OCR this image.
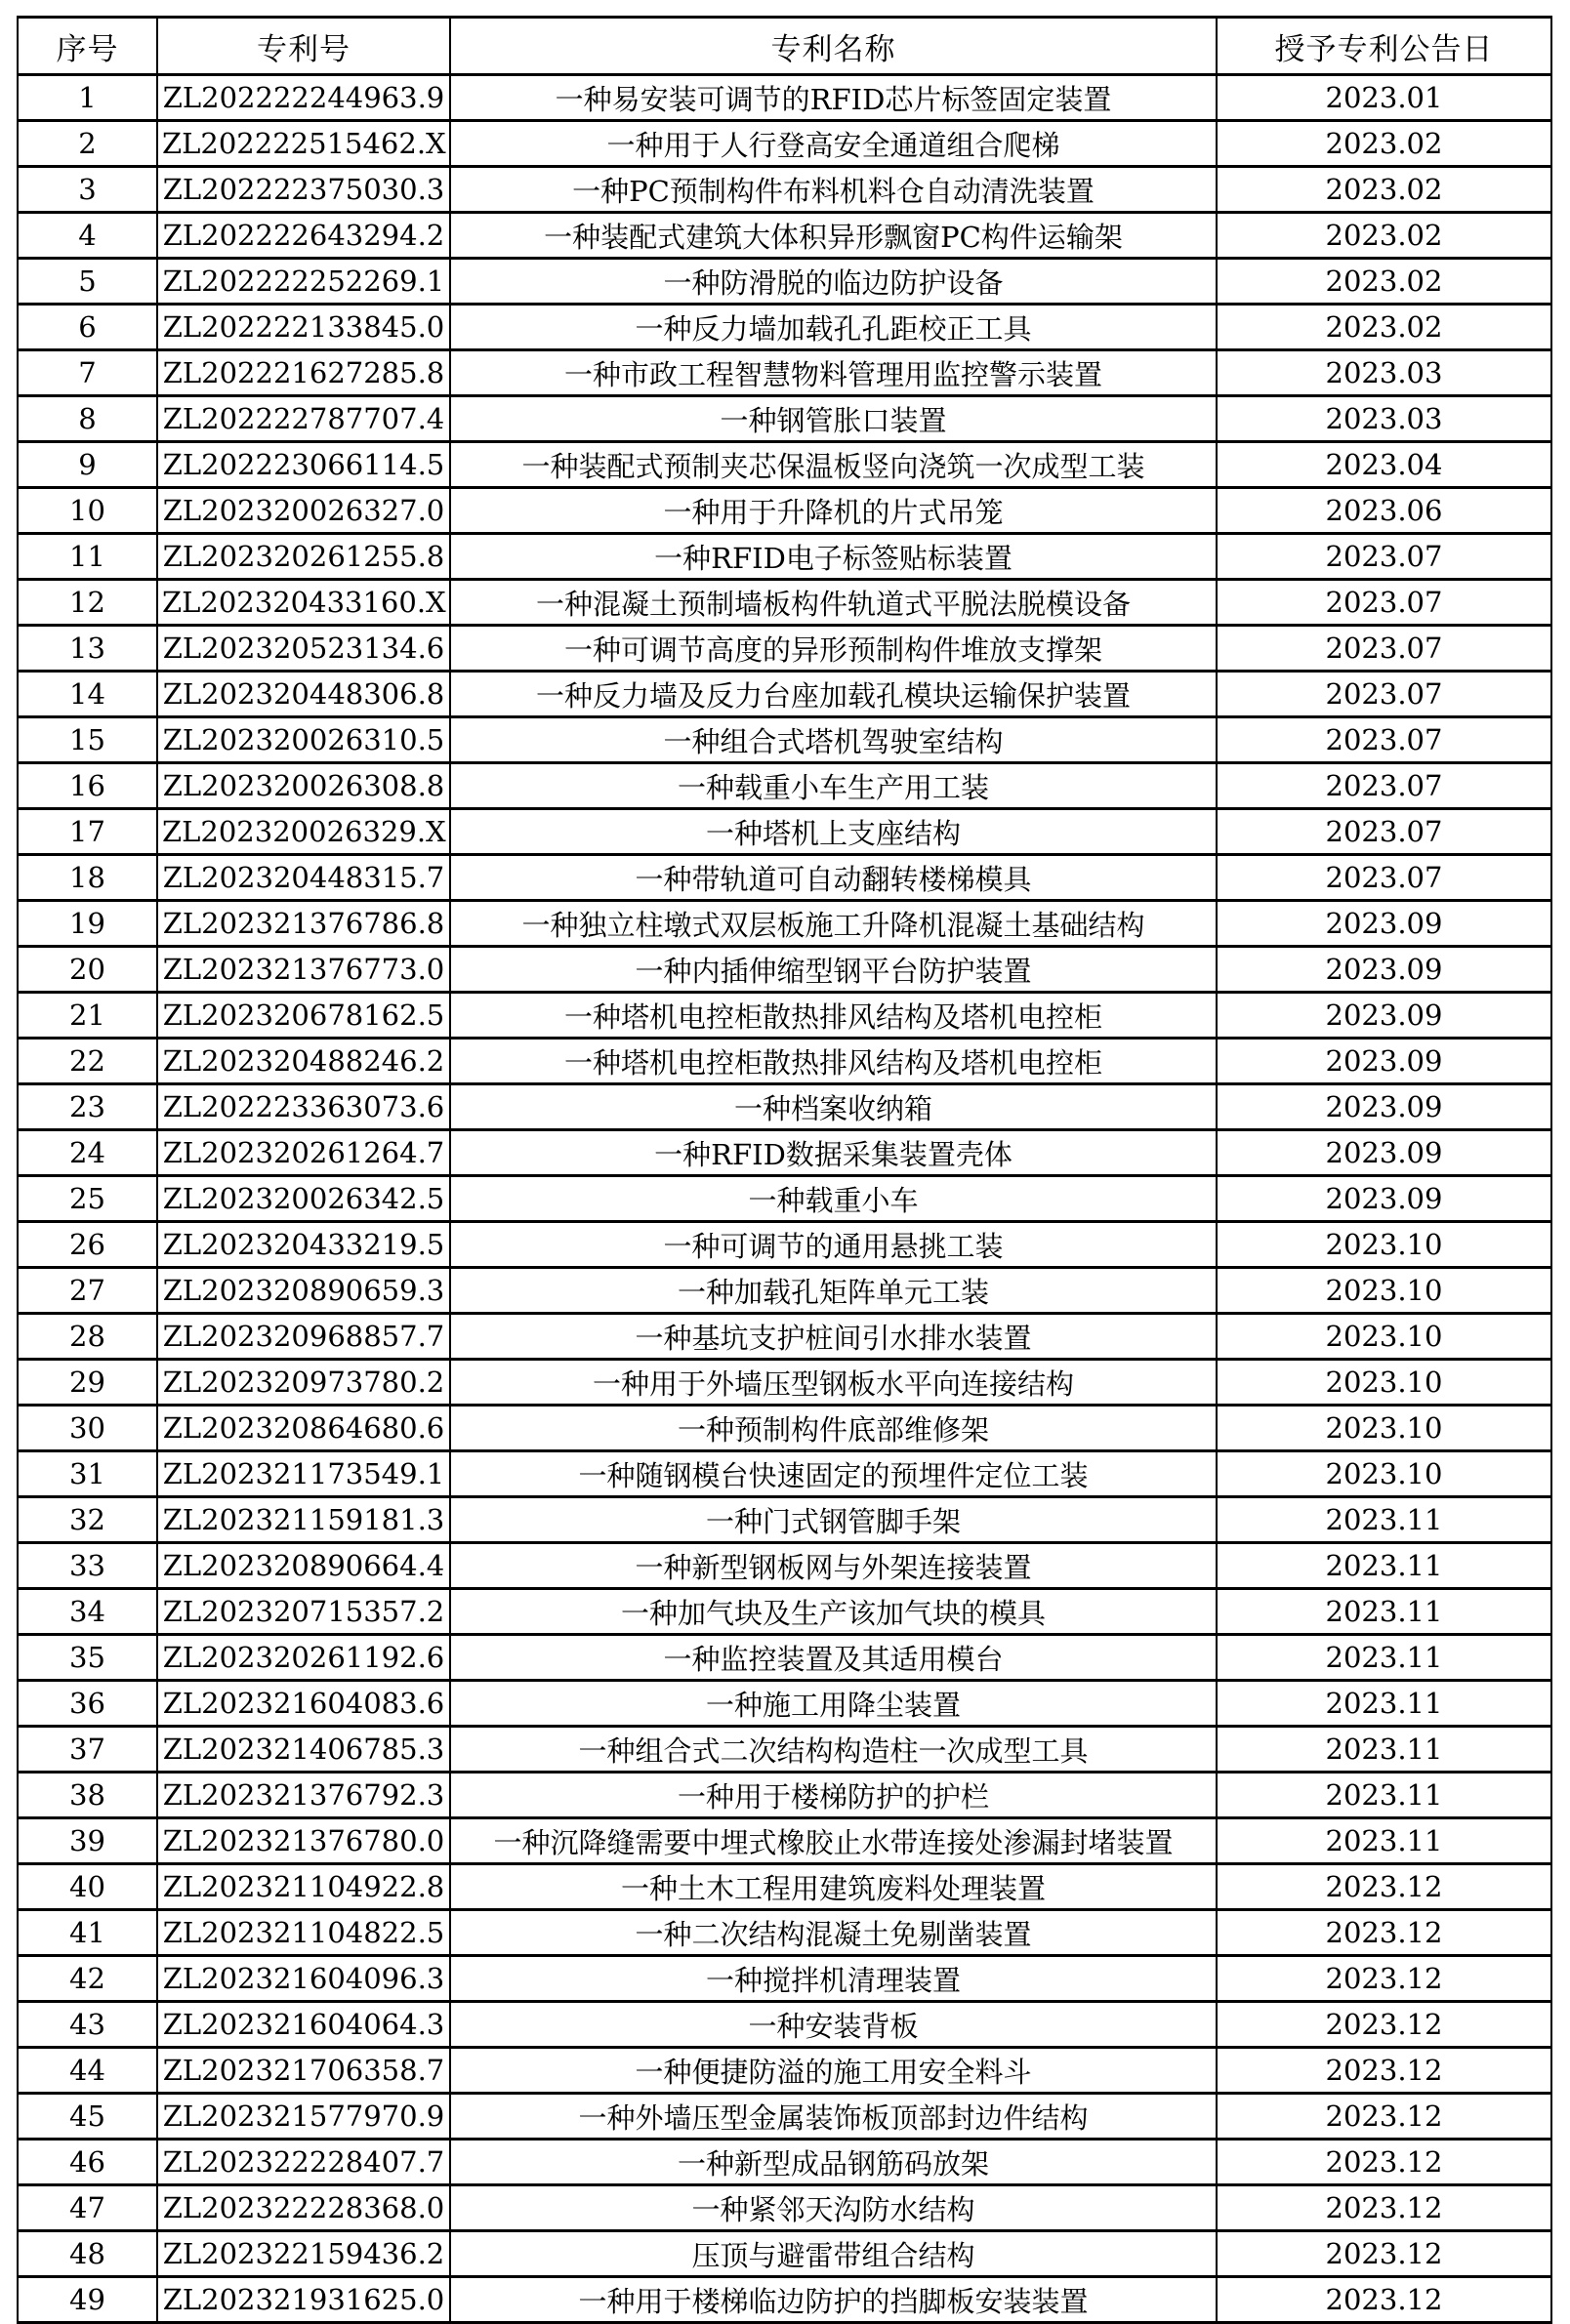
序号	专利号	专利名称	授予专利公告日
1	ZL202222244963.9	一种易安装可调节的RFID芯片标签固定装置	2023.01
2	ZL202222515462.X	一种用于人行登高安全通道组合爬梯	2023.02
3	ZL202222375030.3	一种PC预制构件布料机料仓自动清洗装置	2023.02
4	ZL202222643294.2	一种装配式建筑大体积异形飘窗PC构件运输架	2023.02
5	ZL202222252269.1	一种防滑脱的临边防护设备	2023.02
6	ZL202222133845.0	一种反力墙加载孔孔距校正工具	2023.02
7	ZL202221627285.8	一种市政工程智慧物料管理用监控警示装置	2023.03
8	ZL202222787707.4	一种钢管胀口装置	2023.03
9	ZL202223066114.5	一种装配式预制夹芯保温板竖向浇筑一次成型工装	2023.04
10	ZL202320026327.0	一种用于升降机的片式吊笼	2023.06
11	ZL202320261255.8	一种RFID电子标签贴标装置	2023.07
12	ZL202320433160.X	一种混凝土预制墙板构件轨道式平脱法脱模设备	2023.07
13	ZL202320523134.6	一种可调节高度的异形预制构件堆放支撑架	2023.07
14	ZL202320448306.8	一种反力墙及反力台座加载孔模块运输保护装置	2023.07
15	ZL202320026310.5	一种组合式塔机驾驶室结构	2023.07
16	ZL202320026308.8	一种载重小车生产用工装	2023.07
17	ZL202320026329.X	一种塔机上支座结构	2023.07
18	ZL202320448315.7	一种带轨道可自动翻转楼梯模具	2023.07
19	ZL202321376786.8	一种独立柱墩式双层板施工升降机混凝土基础结构	2023.09
20	ZL202321376773.0	一种内插伸缩型钢平台防护装置	2023.09
21	ZL202320678162.5	一种塔机电控柜散热排风结构及塔机电控柜	2023.09
22	ZL202320488246.2	一种塔机电控柜散热排风结构及塔机电控柜	2023.09
23	ZL202223363073.6	一种档案收纳箱	2023.09
24	ZL202320261264.7	一种RFID数据采集装置壳体	2023.09
25	ZL202320026342.5	一种载重小车	2023.09
26	ZL202320433219.5	一种可调节的通用悬挑工装	2023.10
27	ZL202320890659.3	一种加载孔矩阵单元工装	2023.10
28	ZL202320968857.7	一种基坑支护桩间引水排水装置	2023.10
29	ZL202320973780.2	一种用于外墙压型钢板水平向连接结构	2023.10
30	ZL202320864680.6	一种预制构件底部维修架	2023.10
31	ZL202321173549.1	一种随钢模台快速固定的预埋件定位工装	2023.10
32	ZL202321159181.3	一种门式钢管脚手架	2023.11
33	ZL202320890664.4	一种新型钢板网与外架连接装置	2023.11
34	ZL202320715357.2	一种加气块及生产该加气块的模具	2023.11
35	ZL202320261192.6	一种监控装置及其适用模台	2023.11
36	ZL202321604083.6	一种施工用降尘装置	2023.11
37	ZL202321406785.3	一种组合式二次结构构造柱一次成型工具	2023.11
38	ZL202321376792.3	一种用于楼梯防护的护栏	2023.11
39	ZL202321376780.0	一种沉降缝需要中埋式橡胶止水带连接处渗漏封堵装置	2023.11
40	ZL202321104922.8	一种土木工程用建筑废料处理装置	2023.12
41	ZL202321104822.5	一种二次结构混凝土免剔凿装置	2023.12
42	ZL202321604096.3	一种搅拌机清理装置	2023.12
43	ZL202321604064.3	一种安装背板	2023.12
44	ZL202321706358.7	一种便捷防溢的施工用安全料斗	2023.12
45	ZL202321577970.9	一种外墙压型金属装饰板顶部封边件结构	2023.12
46	ZL202322228407.7	一种新型成品钢筋码放架	2023.12
47	ZL202322228368.0	一种紧邻天沟防水结构	2023.12
48	ZL202322159436.2	压顶与避雷带组合结构	2023.12
49	ZL202321931625.0	一种用于楼梯临边防护的挡脚板安装装置	2023.12
